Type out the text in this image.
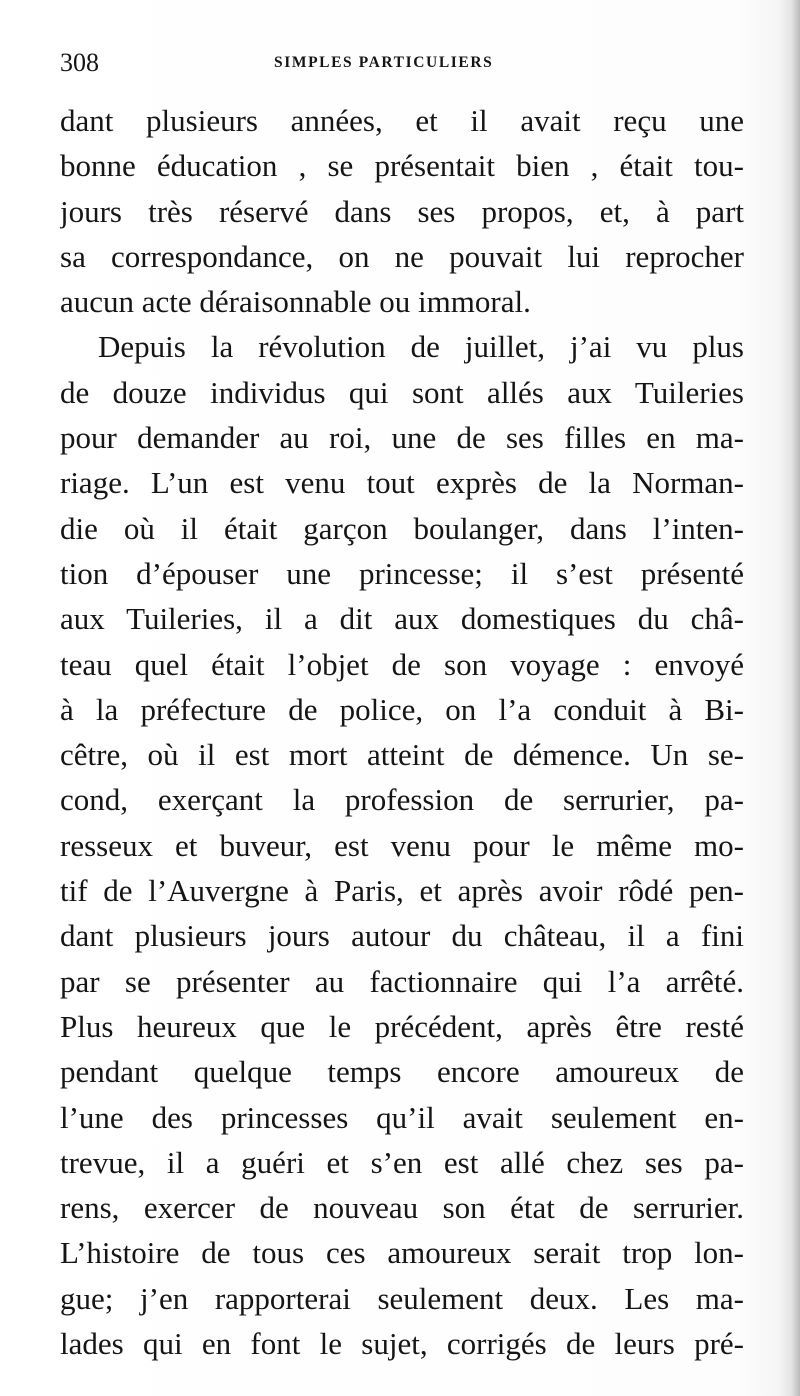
308	SIMPLES PARTICULIERS
dant plusieurs années, et il avait reçu une
bonne éducation , se présentait bien , était tou-
jours très réservé dans ses propos, et, à part
sa correspondance, on ne pouvait lui reprocher
aucun acte déraisonnable ou immoral.
Depuis la révolution de juillet, j’ai vu plus
de douze individus qui sont allés aux Tuileries
pour demander au roi, une de ses filles en ma-
riage. L’un est venu tout exprès de la Norman-
die où il était garçon boulanger, dans l’inten-
tion d’épouser une princesse; il s’est présenté
aux Tuileries, il a dit aux domestiques du châ-
teau quel était l’objet de son voyage : envoyé
à la préfecture de police, on l’a conduit à Bi-
cêtre, où il est mort atteint de démence. Un se-
cond, exerçant la profession de serrurier, pa-
resseux et buveur, est venu pour le même mo-
tif de l’Auvergne à Paris, et après avoir rôdé pen-
dant plusieurs jours autour du château, il a fini
par se présenter au factionnaire qui l’a arrêté.
Plus heureux que le précédent, après être resté
pendant quelque temps encore amoureux de
l’une des princesses qu’il avait seulement en-
trevue, il a guéri et s’en est allé chez ses pa-
rens, exercer de nouveau son état de serrurier.
L’histoire de tous ces amoureux serait trop lon-
gue; j’en rapporterai seulement deux. Les ma-
lades qui en font le sujet, corrigés de leurs pré-
